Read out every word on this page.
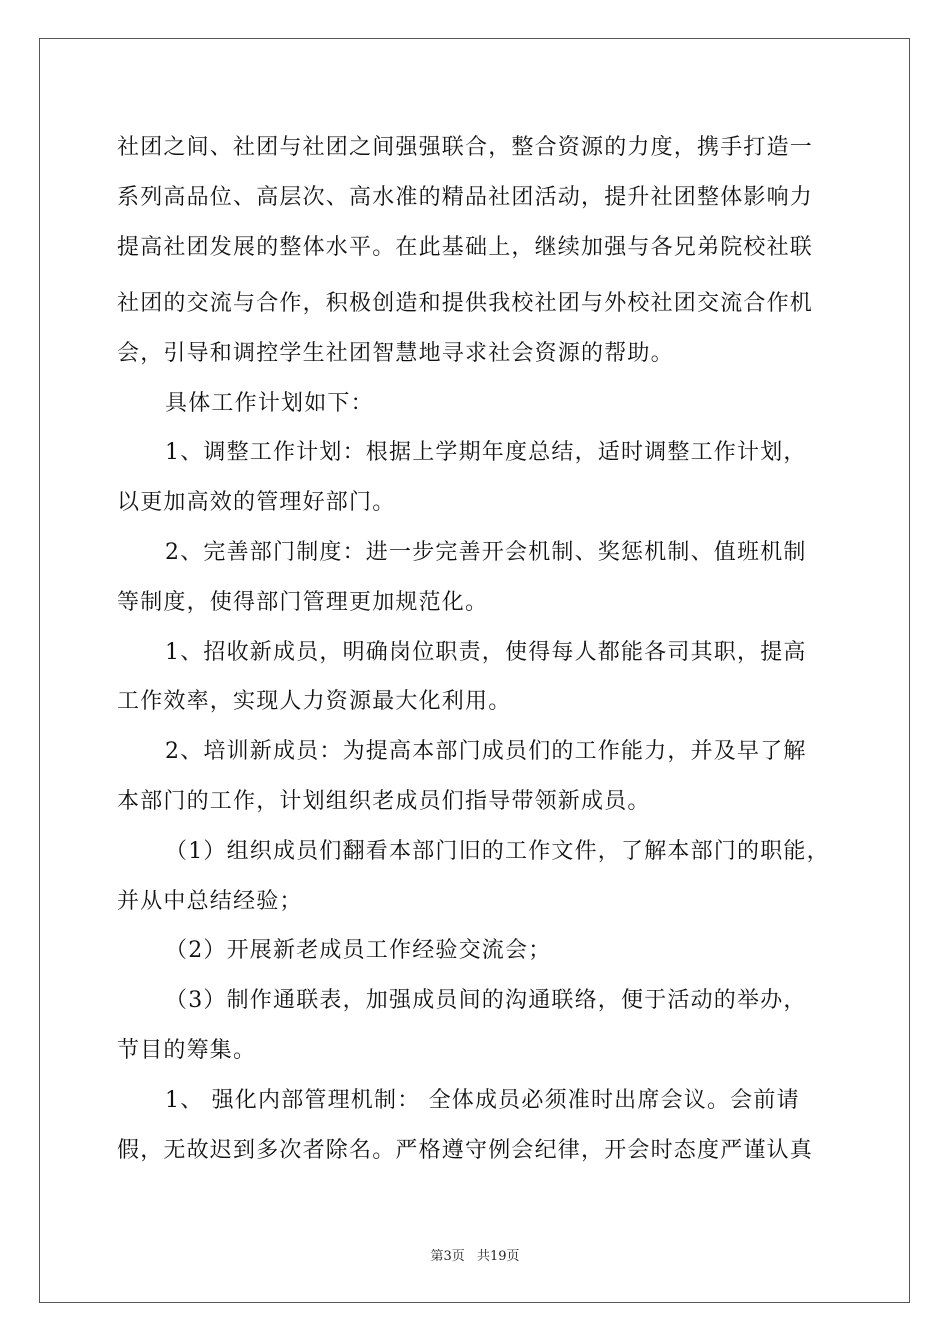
社团之间、社团与社团之间强强联合，整合资源的力度，携手打造一
系列高品位、高层次、高水准的精品社团活动，提升社团整体影响力
提高社团发展的整体水平。在此基础上，继续加强与各兄弟院校社联
社团的交流与合作，积极创造和提供我校社团与外校社团交流合作机
会，引导和调控学生社团智慧地寻求社会资源的帮助。
具体工作计划如下：
1、调整工作计划：根据上学期年度总结，适时调整工作计划，
以更加高效的管理好部门。
2、完善部门制度：进一步完善开会机制、奖惩机制、值班机制
等制度，使得部门管理更加规范化。
1、招收新成员，明确岗位职责，使得每人都能各司其职，提高
工作效率，实现人力资源最大化利用。
2、培训新成员：为提高本部门成员们的工作能力，并及早了解
本部门的工作，计划组织老成员们指导带领新成员。
（1）组织成员们翻看本部门旧的工作文件，了解本部门的职能，
并从中总结经验；
（2）开展新老成员工作经验交流会；
（3）制作通联表，加强成员间的沟通联络，便于活动的举办，
节目的筹集。
1、 强化内部管理机制： 全体成员必须准时出席会议。会前请
假，无故迟到多次者除名。严格遵守例会纪律，开会时态度严谨认真
第3页 共19页
